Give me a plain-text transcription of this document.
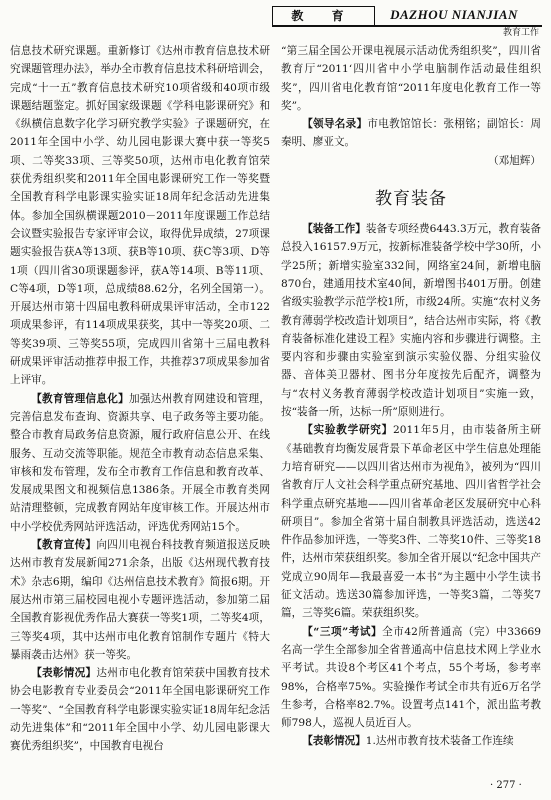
教 育	DAZHOU NIANJIAN
教育工作

信息技术研究课题。重新修订《达州市教育信息技术研究课题管理办法》，举办全市教育信息技术科研培训会，完成“十一五”教育信息技术研究10项省级和40项市级课题结题鉴定。抓好国家级课题《学科电影课研究》和《纵横信息数字化学习研究教学实验》子课题研究，在2011年全国中小学、幼儿园电影课大赛中获一等奖5项、二等奖33项、三等奖50项，达州市电化教育馆荣获优秀组织奖和2011年全国电影课研究工作一等奖暨全国教育科学电影课实验实证18周年纪念活动先进集体。参加全国纵横课题2010－2011年度课题工作总结会议暨实验报告专家评审会议，取得优异成绩，27项课题实验报告获A等13项、获B等10项、获C等3项、D等1项（四川省30项课题参评，获A等14项、B等11项、C等4项，D等1项，总成绩88.62分，名列全国第一）。开展达州市第十四届电教科研成果评审活动，全市122项成果参评，有114项成果获奖，其中一等奖20项、二等奖39项、三等奖55项，完成四川省第十三届电教科研成果评审活动推荐申报工作，共推荐37项成果参加省上评审。

【教育管理信息化】加强达州教育网建设和管理，完善信息发布查询、资源共享、电子政务等主要功能。整合市教育局政务信息资源，履行政府信息公开、在线服务、互动交流等职能。规范全市教育动态信息采集、审核和发布管理，发布全市教育工作信息和教育改革、发展成果图文和视频信息1386条。开展全市教育类网站清理整顿，完成教育网站年度审核工作。开展达州市中小学校优秀网站评选活动，评选优秀网站15个。

【教育宣传】向四川电视台科技教育频道报送反映达州市教育发展新闻271余条，出版《达州现代教育技术》杂志6期，编印《达州信息技术教育》简报6期。开展达州市第三届校园电视小专题评选活动，参加第二届全国教育影视优秀作品大赛获一等奖1项，二等奖4项，三等奖4项，其中达州市电化教育馆制作专题片《特大暴雨袭击达州》获一等奖。

【表彰情况】达州市电化教育馆荣获中国教育技术协会电影教育专业委员会“2011年全国电影课研究工作一等奖”、“全国教育科学电影课实验实证18周年纪念活动先进集体”和“2011年全国中小学、幼儿园电影课大赛优秀组织奖”，中国教育电视台

“第三届全国公开课电视展示活动优秀组织奖”，四川省教育厅“2011‘四川省中小学电脑制作活动最佳组织奖”，四川省电化教育馆“2011年度电化教育工作一等奖”。

【领导名录】市电教馆馆长：张栩铭；副馆长：周秦明、廖亚文。

（邓旭辉）

教育装备

【装备工作】装备专项经费6443.3万元，教育装备总投入16157.9万元，按新标准装备学校中学30所，小学25所；新增实验室332间，网络室24间，新增电脑870台，建通用技术室40间，新增图书401万册。创建省级实验教学示范学校1所，市级24所。实施“农村义务教育薄弱学校改造计划项目”，结合达州市实际，将《教育装备标准化建设工程》实施内容和步骤进行调整。主要内容和步骤由实验室到演示实验仪器、分组实验仪器、音体美卫器材、图书分年度按先后配齐，调整为与“农村义务教育薄弱学校改造计划项目”实施一致，按“装备一所，达标一所”原则进行。

【实验教学研究】2011年5月，由市装备所主研《基础教育均衡发展背景下革命老区中学生信息处理能力培育研究——以四川省达州市为视角》，被列为“四川省教育厅人文社会科学重点研究基地、四川省哲学社会科学重点研究基地——四川省革命老区发展研究中心科研项目”。参加全省第十届自制教具评选活动，选送42件作品参加评选，一等奖3件、二等奖10件、三等奖18件，达州市荣获组织奖。参加全省开展以“纪念中国共产党成立90周年—我最喜爱一本书”为主题中小学生读书征文活动。选送30篇参加评选，一等奖3篇，二等奖7篇，三等奖6篇。荣获组织奖。

【“三项”考试】全市42所普通高（完）中33669名高一学生全部参加全省普通高中信息技术网上学业水平考试。共设8个考区41个考点，55个考场，参考率98%，合格率75%。实验操作考试全市共有近6万名学生参考，合格率82.7%。设置考点141个，派出监考教师798人，巡视人员近百人。

【表彰情况】1.达州市教育技术装备工作连续

· 277 ·
